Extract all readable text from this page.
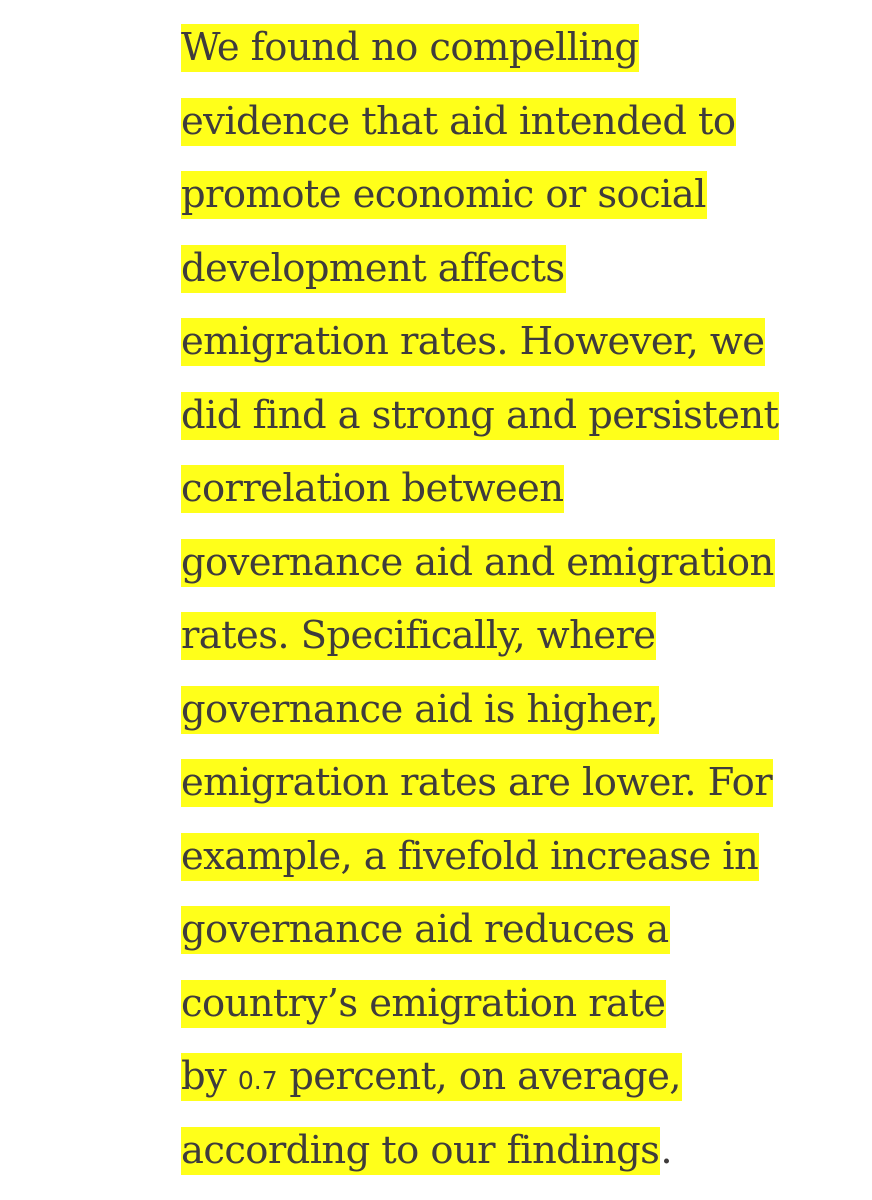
We found no compelling
evidence that aid intended to
promote economic or social
development affects
emigration rates. However, we
did find a strong and persistent
correlation between
governance aid and emigration
rates. Specifically, where
governance aid is higher,
emigration rates are lower. For
example, a fivefold increase in
governance aid reduces a
country’s emigration rate
by 0.7 percent, on average,
according to our findings.
